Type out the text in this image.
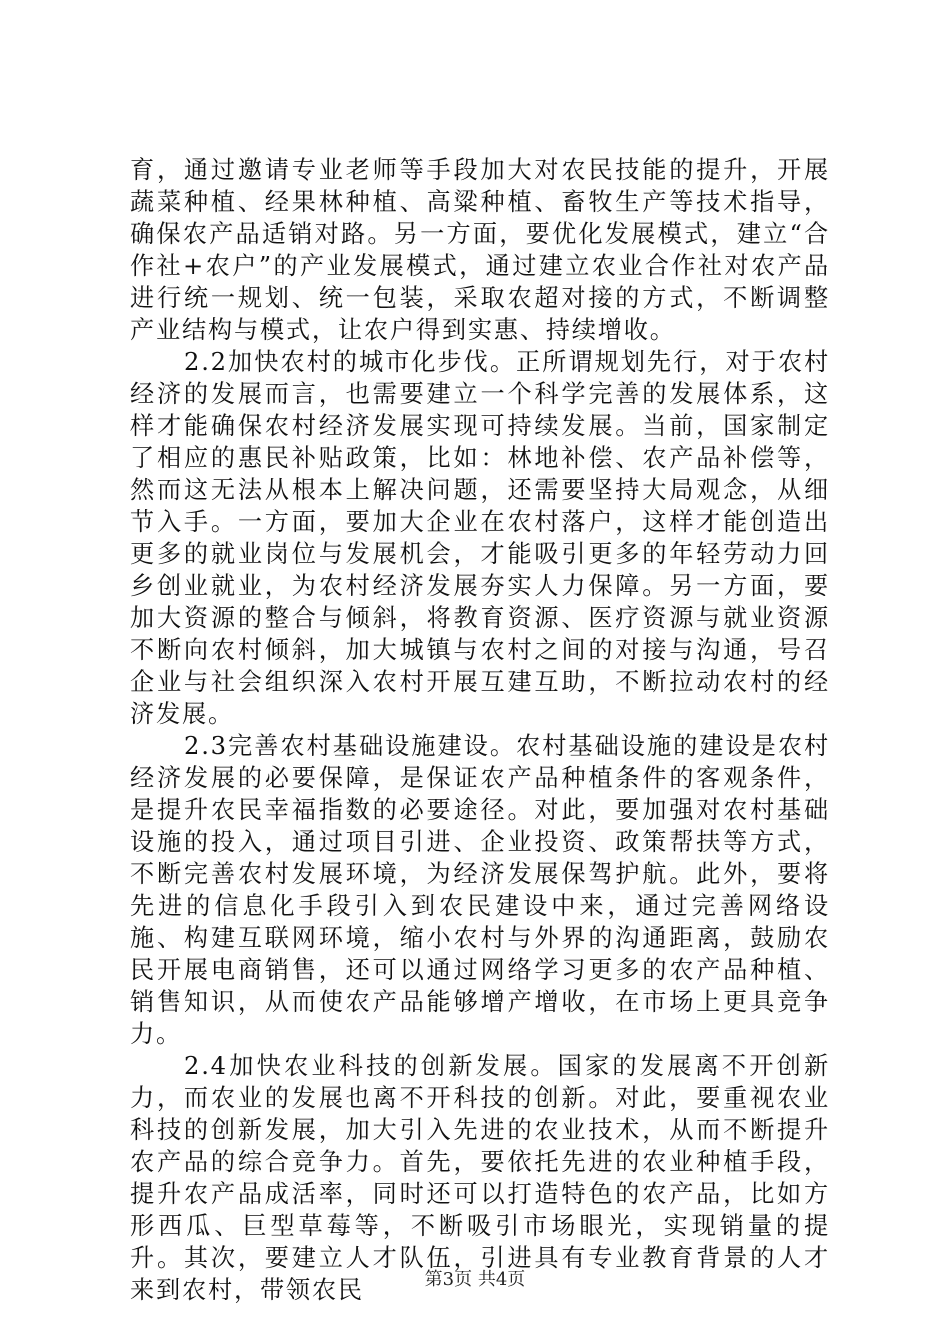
育，通过邀请专业老师等手段加大对农民技能的提升，开展蔬菜种植、经果林种植、高粱种植、畜牧生产等技术指导，确保农产品适销对路。另一方面，要优化发展模式，建立“合作社+农户”的产业发展模式，通过建立农业合作社对农产品进行统一规划、统一包装，采取农超对接的方式，不断调整产业结构与模式，让农户得到实惠、持续增收。

2.2加快农村的城市化步伐。正所谓规划先行，对于农村经济的发展而言，也需要建立一个科学完善的发展体系，这样才能确保农村经济发展实现可持续发展。当前，国家制定了相应的惠民补贴政策，比如：林地补偿、农产品补偿等，然而这无法从根本上解决问题，还需要坚持大局观念，从细节入手。一方面，要加大企业在农村落户，这样才能创造出更多的就业岗位与发展机会，才能吸引更多的年轻劳动力回乡创业就业，为农村经济发展夯实人力保障。另一方面，要加大资源的整合与倾斜，将教育资源、医疗资源与就业资源不断向农村倾斜，加大城镇与农村之间的对接与沟通，号召企业与社会组织深入农村开展互建互助，不断拉动农村的经济发展。

2.3完善农村基础设施建设。农村基础设施的建设是农村经济发展的必要保障，是保证农产品种植条件的客观条件，是提升农民幸福指数的必要途径。对此，要加强对农村基础设施的投入，通过项目引进、企业投资、政策帮扶等方式，不断完善农村发展环境，为经济发展保驾护航。此外，要将先进的信息化手段引入到农民建设中来，通过完善网络设施、构建互联网环境，缩小农村与外界的沟通距离，鼓励农民开展电商销售，还可以通过网络学习更多的农产品种植、销售知识，从而使农产品能够增产增收，在市场上更具竞争力。

2.4加快农业科技的创新发展。国家的发展离不开创新力，而农业的发展也离不开科技的创新。对此，要重视农业科技的创新发展，加大引入先进的农业技术，从而不断提升农产品的综合竞争力。首先，要依托先进的农业种植手段，提升农产品成活率，同时还可以打造特色的农产品，比如方形西瓜、巨型草莓等，不断吸引市场眼光，实现销量的提升。其次，要建立人才队伍，引进具有专业教育背景的人才来到农村，带领农民	第3页 共4页
